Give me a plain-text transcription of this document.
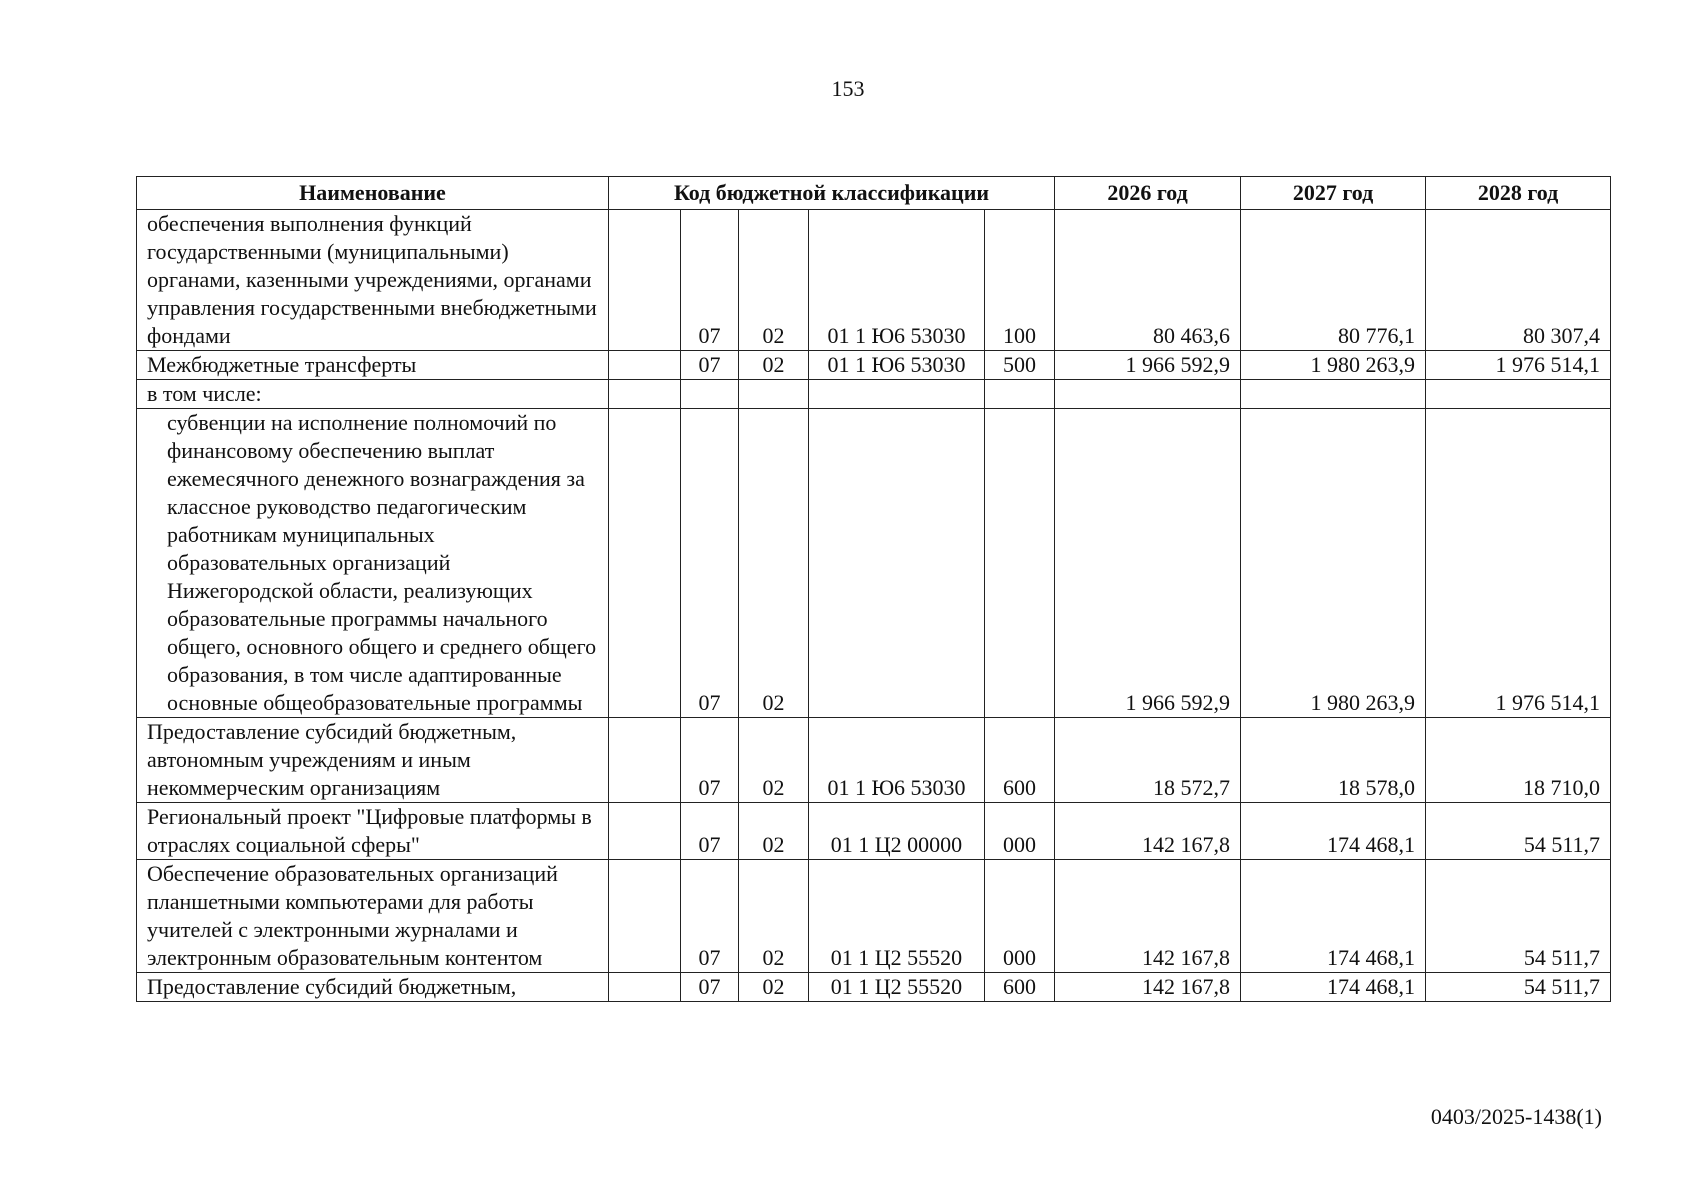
153
Наименование	Код бюджетной классификации					2026 год	2027 год	2028 год
обеспечения выполнения функций государственными (муниципальными) органами, казенными учреждениями, органами управления государственными внебюджетными фондами		07	02	01 1 Ю6 53030	100	80 463,6	80 776,1	80 307,4
Межбюджетные трансферты		07	02	01 1 Ю6 53030	500	1 966 592,9	1 980 263,9	1 976 514,1
в том числе:								
субвенции на исполнение полномочий по финансовому обеспечению выплат ежемесячного денежного вознаграждения за классное руководство педагогическим работникам муниципальных образовательных организаций Нижегородской области, реализующих образовательные программы начального общего, основного общего и среднего общего образования, в том числе адаптированные основные общеобразовательные программы		07	02			1 966 592,9	1 980 263,9	1 976 514,1
Предоставление субсидий бюджетным, автономным учреждениям и иным некоммерческим организациям		07	02	01 1 Ю6 53030	600	18 572,7	18 578,0	18 710,0
Региональный проект "Цифровые платформы в отраслях социальной сферы"		07	02	01 1 Ц2 00000	000	142 167,8	174 468,1	54 511,7
Обеспечение образовательных организаций планшетными компьютерами для работы учителей с электронными журналами и электронным образовательным контентом		07	02	01 1 Ц2 55520	000	142 167,8	174 468,1	54 511,7
Предоставление субсидий бюджетным,		07	02	01 1 Ц2 55520	600	142 167,8	174 468,1	54 511,7
0403/2025-1438(1)
